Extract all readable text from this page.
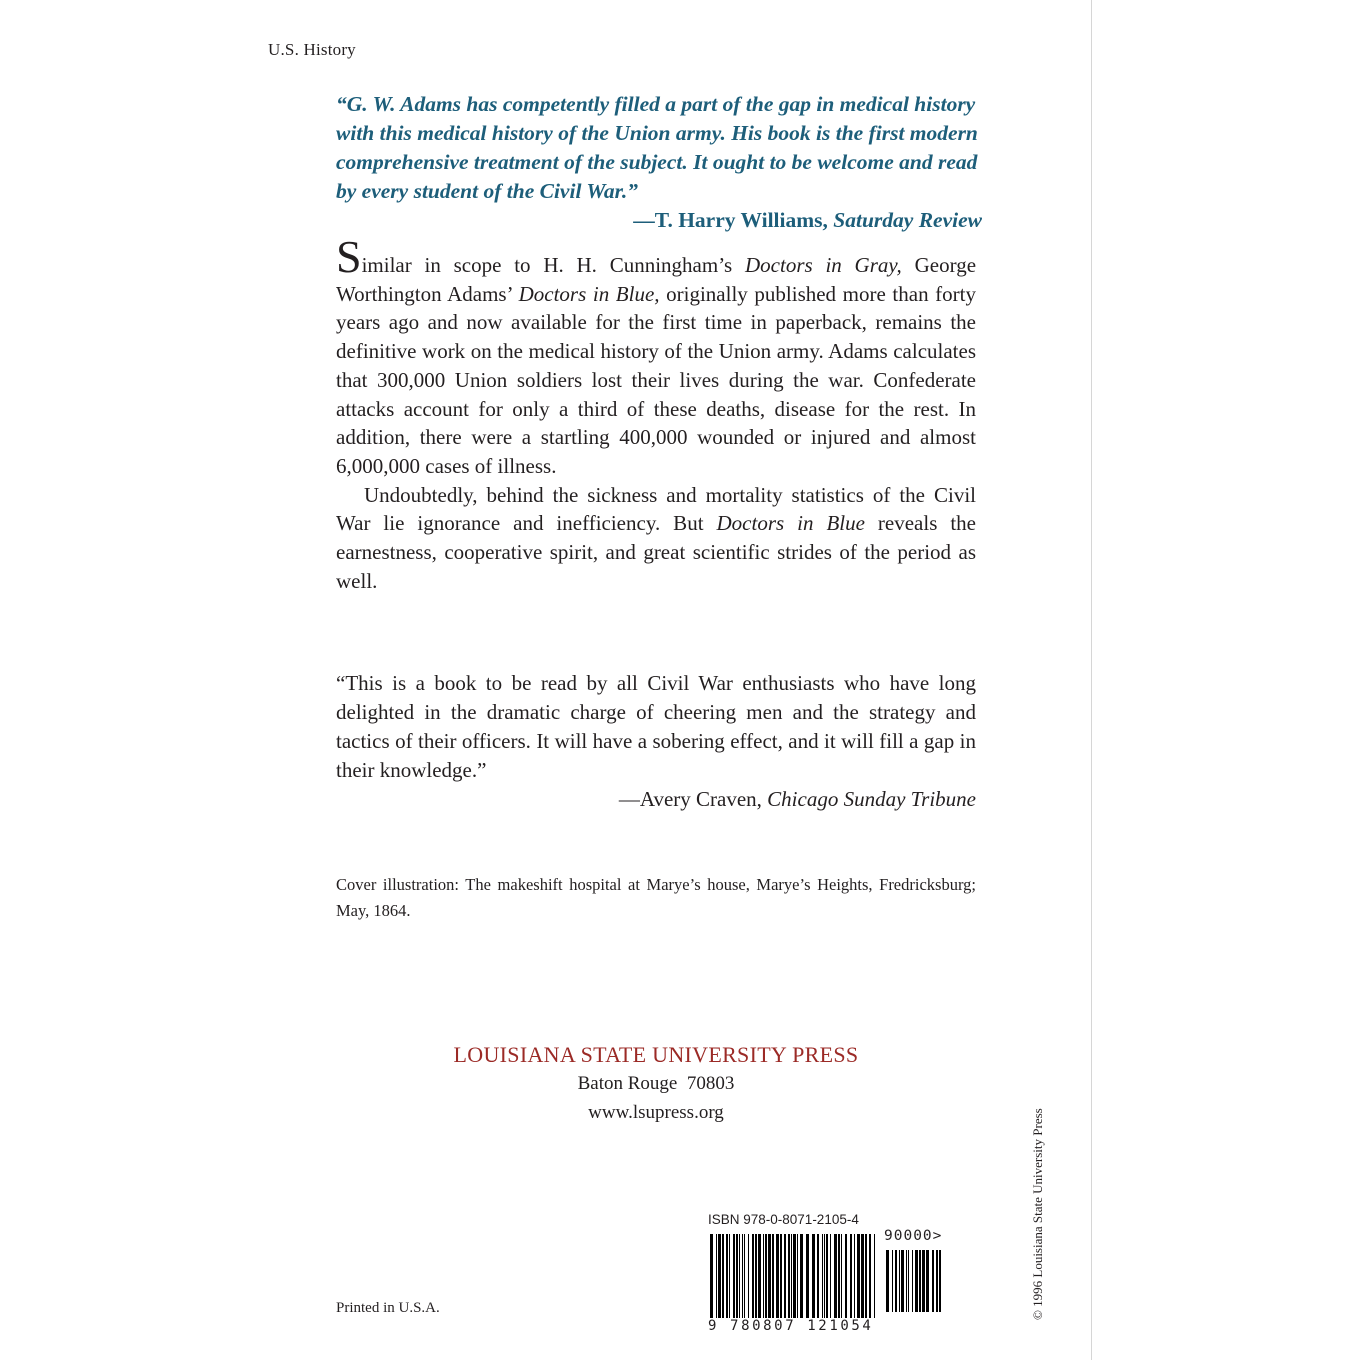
U.S. History
“G. W. Adams has competently filled a part of the gap in medical history with this medical history of the Union army. His book is the first modern comprehensive treatment of the subject. It ought to be welcome and read by every student of the Civil War.”
—T. Harry Williams, Saturday Review

Similar in scope to H. H. Cunningham’s Doctors in Gray, George Worthington Adams’ Doctors in Blue, originally published more than forty years ago and now available for the first time in paperback, remains the definitive work on the medical history of the Union army. Adams calculates that 300,000 Union soldiers lost their lives during the war. Confederate attacks account for only a third of these deaths, disease for the rest. In addition, there were a startling 400,000 wounded or injured and almost 6,000,000 cases of illness.

Undoubtedly, behind the sickness and mortality statistics of the Civil War lie ignorance and inefficiency. But Doctors in Blue reveals the earnestness, cooperative spirit, and great scientific strides of the period as well.

“This is a book to be read by all Civil War enthusiasts who have long delighted in the dramatic charge of cheering men and the strategy and tactics of their officers. It will have a sobering effect, and it will fill a gap in their knowledge.”
—Avery Craven, Chicago Sunday Tribune
Cover illustration: The makeshift hospital at Marye’s house, Marye’s Heights, Fredricksburg; May, 1864.
LOUISIANA STATE UNIVERSITY PRESS
Baton Rouge  70803
www.lsupress.org
Printed in U.S.A.	© 1996 Louisiana State University Press
ISBN 978-0-8071-2105-4
90000>
9 780807 121054
